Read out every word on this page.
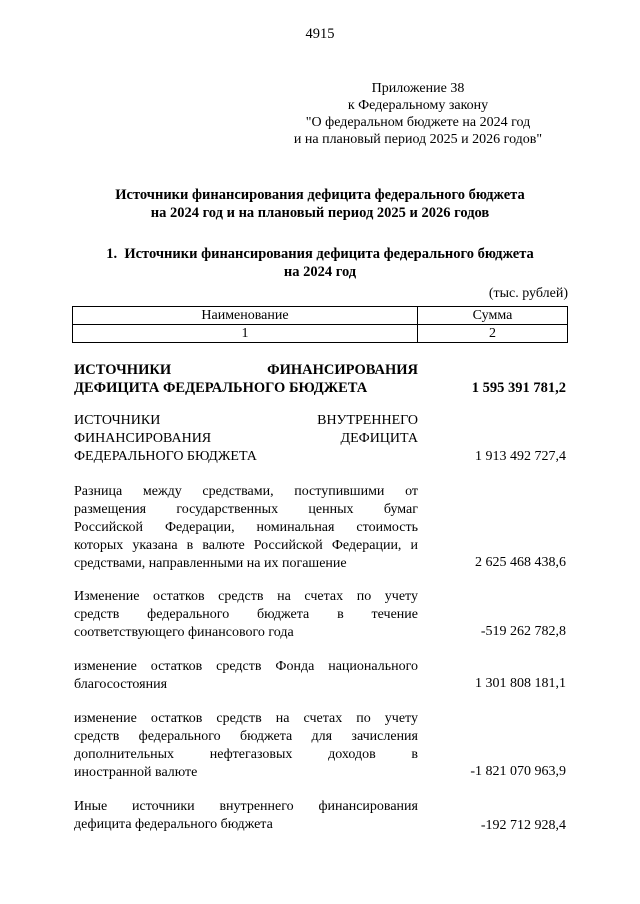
4915
Приложение 38
к Федеральному закону
"О федеральном бюджете на 2024 год
и на плановый период 2025 и 2026 годов"
Источники финансирования дефицита федерального бюджета
на 2024 год и на плановый период 2025 и 2026 годов
1. Источники финансирования дефицита федерального бюджета
на 2024 год
(тыс. рублей)
Наименование	Сумма
1	2
ИСТОЧНИКИ ФИНАНСИРОВАНИЯ
ДЕФИЦИТА ФЕДЕРАЛЬНОГО БЮДЖЕТА	1 595 391 781,2
ИСТОЧНИКИ ВНУТРЕННЕГО
ФИНАНСИРОВАНИЯ ДЕФИЦИТА
ФЕДЕРАЛЬНОГО БЮДЖЕТА	1 913 492 727,4
Разница между средствами, поступившими от
размещения государственных ценных бумаг
Российской Федерации, номинальная стоимость
которых указана в валюте Российской Федерации, и
средствами, направленными на их погашение	2 625 468 438,6
Изменение остатков средств на счетах по учету
средств федерального бюджета в течение
соответствующего финансового года	-519 262 782,8
изменение остатков средств Фонда национального
благосостояния	1 301 808 181,1
изменение остатков средств на счетах по учету
средств федерального бюджета для зачисления
дополнительных нефтегазовых доходов в
иностранной валюте	-1 821 070 963,9
Иные источники внутреннего финансирования
дефицита федерального бюджета	-192 712 928,4
